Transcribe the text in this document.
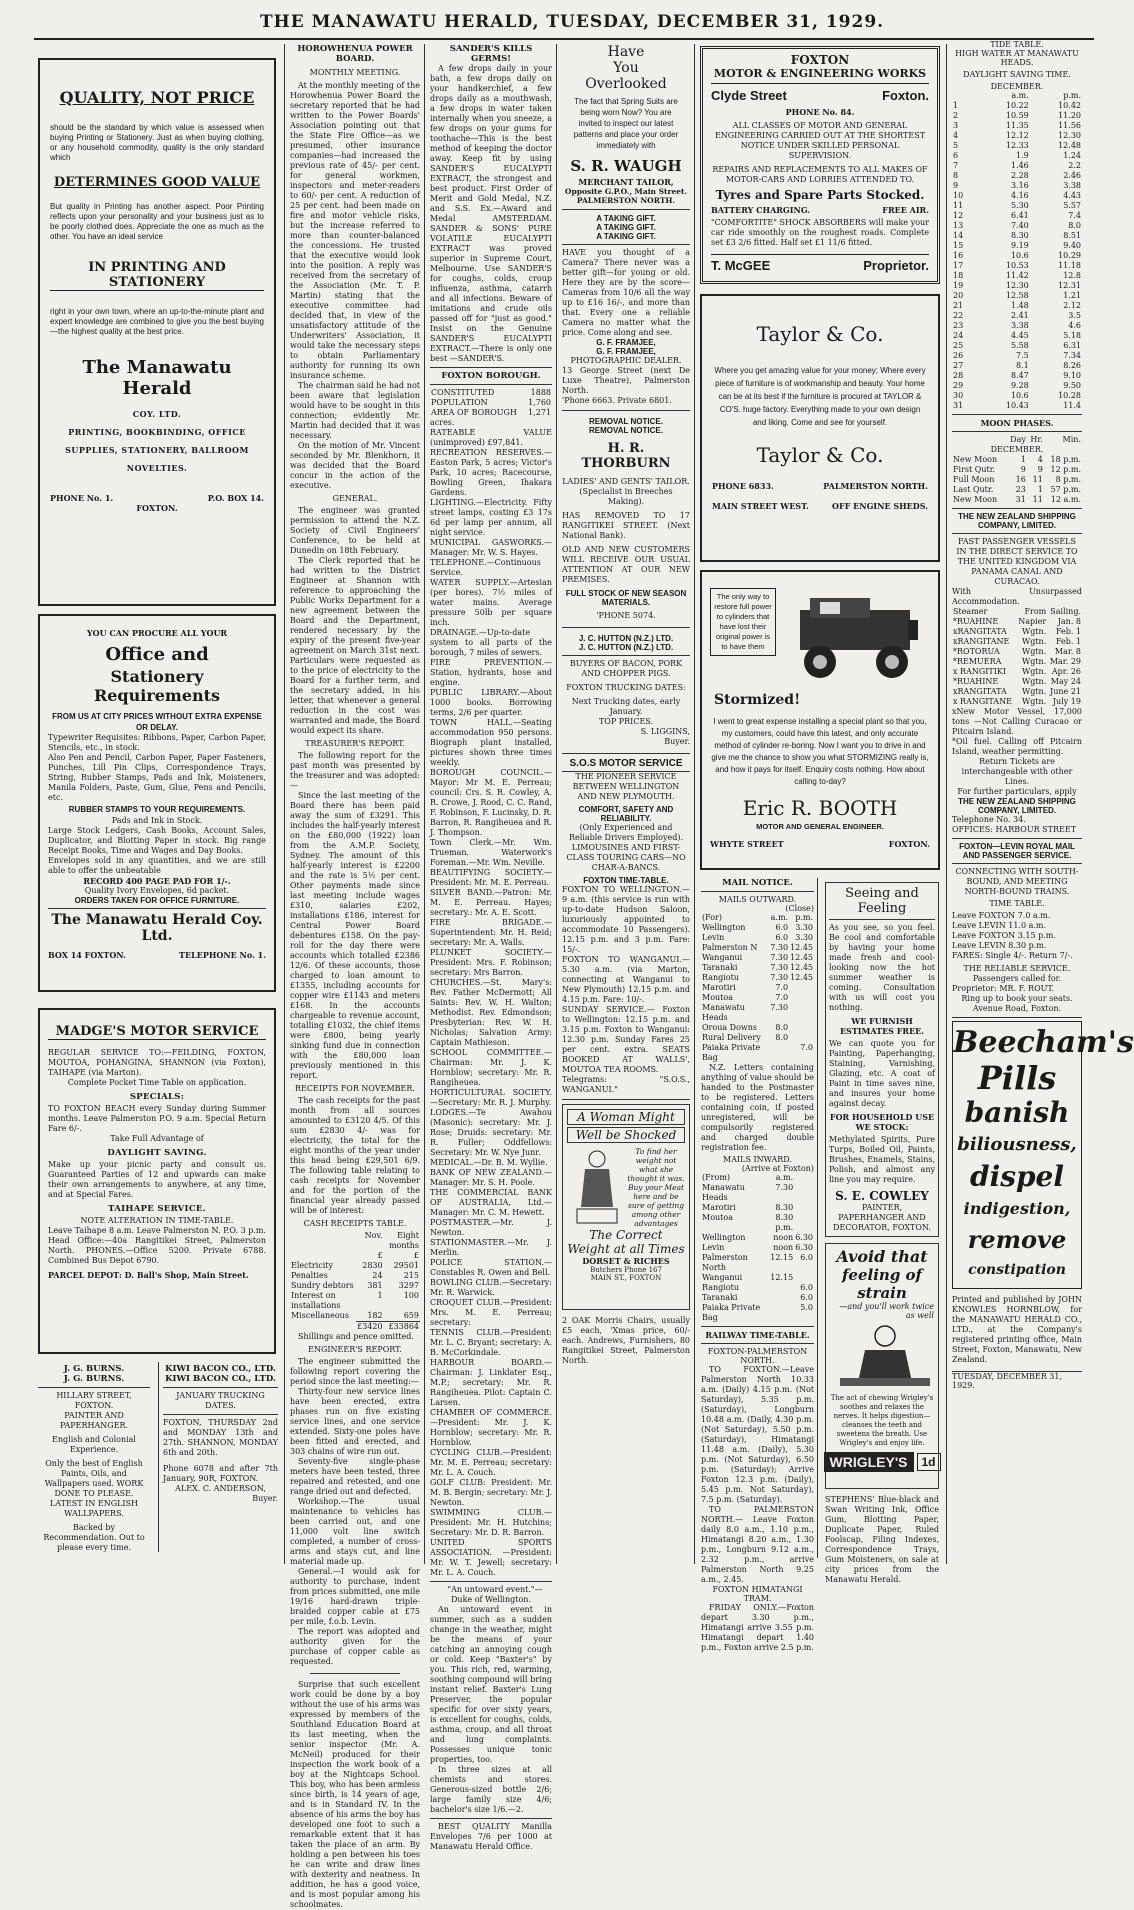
THE MANAWATU HERALD, TUESDAY, DECEMBER 31, 1929.
QUALITY, NOT PRICE

should be the standard by which value is assessed when buying Printing or Stationery. Just as when buying clothing, or any household commodity, quality is the only standard which

DETERMINES GOOD VALUE

But quality in Printing has another aspect. Poor Printing reflects upon your personality and your business just as to be poorly clothed does. Appreciate the one as much as the other. You have an ideal service

IN PRINTING AND STATIONERY

right in your own town, where an up-to-the-minute plant and expert knowledge are combined to give you the best buying—the highest quality at the best price.

The Manawatu Herald
COY. LTD.
PRINTING, BOOKBINDING, OFFICE SUPPLIES, STATIONERY, BALLROOM NOVELTIES.
PHONE No. 1.	P.O. BOX 14.
FOXTON.
YOU CAN PROCURE ALL YOUR
Office and
Stationery Requirements
FROM US AT CITY PRICES WITHOUT EXTRA EXPENSE OR DELAY.

Typewriter Requisites: Ribbons, Paper, Carbon Paper, Stencils, etc., in stock.

Also Pen and Pencil, Carbon Paper, Paper Fasteners, Punches, Lill Pin Clips, Correspondence Trays, String, Rubber Stamps, Pads and Ink, Moisteners, Manila Folders, Paste, Gum, Glue, Pens and Pencils, etc.

RUBBER STAMPS TO YOUR REQUIREMENTS.

Pads and Ink in Stock.

Large Stock Ledgers, Cash Books, Account Sales, Duplicator, and Blotting Paper in stock. Big range Receipt Books, Time and Wages and Day Books.

Envelopes sold in any quantities, and we are still able to offer the unbeatable

RECORD 400 PAGE PAD FOR 1/-.

Quality Ivory Envelopes, 6d packet.

ORDERS TAKEN FOR OFFICE FURNITURE.
The Manawatu Herald Coy.
Ltd.
BOX 14 FOXTON.	TELEPHONE No. 1.
MADGE'S MOTOR SERVICE

REGULAR SERVICE TO:—FEILDING, FOXTON, MOUTOA, POHANGINA, SHANNON (via Foxton), TAIHAPE (via Marton).

Complete Pocket Time Table on application.

SPECIALS:

TO FOXTON BEACH every Sunday during Summer months. Leave Palmerston P.O. 9 a.m. Special Return Fare 6/-.

Take Full Advantage of

DAYLIGHT SAVING.

Make up your picnic party and consult us. Guaranteed Parties of 12 and upwards can make their own arrangements to anywhere, at any time, and at Special Fares.

TAIHAPE SERVICE.

NOTE ALTERATION IN TIME-TABLE.

Leave Taihape 8 a.m. Leave Palmerston N. P.O. 3 p.m.

Head Office:—40a Rangitikei Street, Palmerston North. PHONES.—Office 5200. Private 6788. Combined Bus Depot 6790.

PARCEL DEPOT: D. Ball's Shop, Main Street.
J. G. BURNS.
J. G. BURNS.

HILLARY STREET, FOXTON.

PAINTER AND PAPERHANGER.

English and Colonial Experience.

Only the best of English Paints, Oils, and Wallpapers used. WORK DONE TO PLEASE. LATEST IN ENGLISH WALLPAPERS.

Backed by Recommendation. Out to please every time.

KIWI BACON CO., LTD.
KIWI BACON CO., LTD.

JANUARY TRUCKING DATES.

FOXTON, THURSDAY 2nd and MONDAY 13th and 27th. SHANNON, MONDAY 6th and 20th.

Phone 6078 and after 7th January, 90R, FOXTON.

ALEX. C. ANDERSON,

Buyer.

HOROWHENUA POWER BOARD.
MONTHLY MEETING.

At the monthly meeting of the Horowhenua Power Board the secretary reported that he had written to the Power Boards' Association pointing out that the State Fire Office—as we presumed, other insurance companies—had increased the previous rate of 45/- per cent. for general workmen, inspectors and meter-readers to 60/- per cent. A reduction of 25 per cent. had been made on fire and motor vehicle risks, but the increase referred to more than counter-balanced the concessions. He trusted that the executive would look into the position. A reply was received from the secretary of the Association (Mr. T. P. Martin) stating that the executive committee had decided that, in view of the unsatisfactory attitude of the Underwriters' Association, it would take the necessary steps to obtain Parliamentary authority for running its own insurance scheme.

The chairman said he had not been aware that legislation would have to be sought in this connection; evidently Mr. Martin had decided that it was necessary.

On the motion of Mr. Vincent seconded by Mr. Blenkhorn, it was decided that the Board concur in the action of the executive.

GENERAL.

The engineer was granted permission to attend the N.Z. Society of Civil Engineers' Conference, to be held at Dunedin on 18th February.

The Clerk reported that he had written to the District Engineer at Shannon with reference to approaching the Public Works Department for a new agreement between the Board and the Department, rendered necessary by the expiry of the present five-year agreement on March 31st next. Particulars were requested as to the price of electricity to the Board for a further term, and the secretary added, in his letter, that whenever a general reduction in the cost was warranted and made, the Board would expect its share.

TREASURER'S REPORT.

The following report for the past month was presented by the treasurer and was adopted:—

Since the last meeting of the Board there has been paid away the sum of £3291. This includes the half-yearly interest on the £80,000 (1922) loan from the A.M.P. Society, Sydney. The amount of this half-yearly interest is £2200 and the rate is 5½ per cent. Other payments made since last meeting include wages £310, salaries £202, installations £186, interest for Central Power Board debentures £158. On the pay-roll for the day there were accounts which totalled £2386 12/6. Of these accounts, those charged to loan amount to £1355, including accounts for copper wire £1143 and meters £168. In the accounts chargeable to revenue account, totalling £1032, the chief items were £800, being yearly sinking fund due in connection with the £80,000 loan previously mentioned in this report.

RECEIPTS FOR NOVEMBER.

The cash receipts for the past month from all sources amounted to £3120 4/5. Of this sum £2830 4/- was for electricity, the total for the eight months of the year under this head being £29,501 6/9. The following table relating to cash receipts for November and for the portion of the financial year already passed will be of interest:

CASH RECEIPTS TABLE.
	Nov.	Eight months
	£	£
Electricity	2830	29501
Penalties	24	215
Sundry debtors	381	3297
Interest on installations	1	100
Miscellaneous	182	659
	£3420	£33864

Shillings and pence omitted.

ENGINEER'S REPORT.

The engineer submitted the following report covering the period since the last meeting:—

Thirty-four new service lines have been erected, extra phases run on five existing service lines, and one service extended. Sixty-one poles have been fitted and erected, and 303 chains of wire run out.

Seventy-five single-phase meters have been tested, three repaired and retested, and one range dried out and defected.

Workshop.—The usual maintenance to vehicles has been carried out, and one 11,000 volt line switch completed, a number of cross-arms and stays cut, and line material made up.

General.—I would ask for authority to purchase, indent from prices submitted, one mile 19/16 hard-drawn triple-braided copper cable at £75 per mile, f.o.b. Levin.

The report was adopted and authority given for the purchase of copper cable as requested.

Surprise that such excellent work could be done by a boy without the use of his arms was expressed by members of the Southland Education Board at its last meeting, when the senior inspector (Mr. A. McNeil) produced for their inspection the work book of a boy at the Nightcaps School. This boy, who has been armless since birth, is 14 years of age, and is in Standard IV. In the absence of his arms the boy has developed one foot to such a remarkable extent that it has taken the place of an arm. By holding a pen between his toes he can write and draw lines with dexterity and neatness. In addition, he has a good voice, and is most popular among his schoolmates.

SANDER'S KILLS GERMS!

A few drops daily in your bath, a few drops daily on your handkerchief, a few drops daily as a mouthwash, a few drops in water taken internally when you sneeze, a few drops on your gums for toothache—This is the best method of keeping the doctor away. Keep fit by using SANDER'S EUCALYPTI EXTRACT, the strongest and best product. First Order of Merit and Gold Medal, N.Z. and S.S. Ex.—Award and Medal AMSTERDAM. SANDER & SONS' PURE VOLATILE EUCALYPTI EXTRACT was proved superior in Supreme Court, Melbourne. Use SANDER'S for coughs, colds, croup influenza, asthma, catarrh and all infections. Beware of imitations and crude oils passed off for "just as good." Insist on the Genuine SANDER'S EUCALYPTI EXTRACT.—There is only one best —SANDER'S.

FOXTON BOROUGH.
CONSTITUTED	1888
POPULATION	1,760
AREA OF BOROUGH	1,271

acres.

RATEABLE VALUE (unimproved) £97,841.

RECREATION RESERVES.—Easton Park, 5 acres; Victor's Park, 10 acres; Racecourse, Bowling Green, Ihakara Gardens.

LIGHTING.—Electricity. Fifty street lamps, costing £3 17s 6d per lamp per annum, all night service.

MUNICIPAL GASWORKS.—Manager: Mr. W. S. Hayes.

TELEPHONE.—Continuous Service.

WATER SUPPLY.—Artesian (per bores). 7½ miles of water mains. Average pressure 50lb per square inch.

DRAINAGE.—Up-to-date system to all parts of the borough, 7 miles of sewers.

FIRE PREVENTION.—Station, hydrants, hose and engine.

PUBLIC LIBRARY.—About 1000 books. Borrowing terms, 2/6 per quarter.

TOWN HALL.—Seating accommodation 950 persons. Biograph plant installed, pictures shown three times weekly.

BOROUGH COUNCIL.—Mayor: Mr M. E. Perreau; council: Crs. S. R. Cowley, A. R. Crowe, J. Rood, C. C. Rand, F. Robinson, F. Lucinsky, D. R. Barron, R. Rangiheuea and R. J. Thompson.

Town Clerk.—Mr. Wm. Trueman. Waterwork's Foreman.—Mr. Wm. Neville.

BEAUTIFYING SOCIETY.—President: Mr. M. E. Perreau.

SILVER BAND.—Patron: Mr. M. E. Perreau. Hayes; secretary.: Mr. A. E. Scott.

FIRE BRIGADE.—Superintendent: Mr. H. Reid; secretary: Mr. A. Walls.

PLUNKET SOCIETY.—President: Mrs. F. Robinson; secretary: Mrs Barron.

CHURCHES.—St. Mary's: Rev. Father McDermott; All Saints: Rev. W. H. Walton; Methodist. Rev. Edmondson; Presbyterian: Rev. W. H. Nicholas; Salvation Army: Captain Mathieson.

SCHOOL COMMITTEE.—Chairman: Mr. J. K. Hornblow; secretary: Mr. R. Rangiheuea.

HORTICULTURAL SOCIETY.—Secretary: Mr. R. J. Murphy.

LODGES.—Te Awahou (Masonic): secretary: Mr. J. Rose; Druids: secretary: Mr. R. Fuller; Oddfellows: Secretary: Mr. W. Nye Junr.

MEDICAL.—Dr. B. M. Wyllie.

BANK OF NEW ZEALAND.—Manager: Mr. S. H. Poole.

THE COMMERCIAL BANK OF AUSTRALIA, Ltd.—Manager: Mr. C. M. Hewett.

POSTMASTER.—Mr. J. Newton.

STATIONMASTER.—Mr. J. Merlin.

POLICE STATION.—Constables R. Owen and Bell.

BOWLING CLUB.—Secretary: Mr. R. Warwick.

CROQUET CLUB.—President: Mrs. M. E. Perreau; secretary:

TENNIS CLUB.—President: Mr. L. C. Bryant; secretary: A. B. McCorkindale.

HARBOUR BOARD.—Chairman: J. Linklater Esq., M.P.; secretary: Mr. R. Rangiheuea. Pilot: Captain C. Larsen.

CHAMBER OF COMMERCE.—President: Mr. J. K. Hornblow; secretary: Mr. R. Hornblow.

CYCLING CLUB.—President: Mr. M. E. Perreau; secretary: Mr. L. A. Couch.

GOLF CLUB: President: Mr. M. B. Bergin; secretary: Mr. J. Newton.

SWIMMING CLUB.—President: Mr. H. Hutchins; Secretary: Mr. D. R. Barron.

UNITED SPORTS ASSOCIATION. —President: Mr. W. T. Jewell; secretary: Mr. L. A. Couch.

"An untoward event."—Duke of Wellington.

An untoward event in summer, such as a sudden change in the weather, might be the means of your catching an annoying cough or cold. Keep "Baxter's" by you. This rich, red, warming, soothing compound will bring instant relief. Baxter's Lung Preserver, the popular specific for over sixty years, is excellent for coughs, colds, asthma, croup, and all throat and lung complaints. Possesses unique tonic properties, too.

In three sizes at all chemists and stores. Generous-sized bottle 2/6; large family size 4/6; bachelor's size 1/6.—2.

BEST QUALITY Manilla Envelopes 7/6 per 1000 at Manawatu Herald Office.

Have
You
Overlooked

The fact that Spring Suits are being worn Now? You are invited to inspect our latest patterns and place your order immediately with

S. R. WAUGH
MERCHANT TAILOR,
Opposite G.P.O., Main Street. PALMERSTON NORTH.
A TAKING GIFT.
A TAKING GIFT.
A TAKING GIFT.

HAVE you thought of a Camera? There never was a better gift—for young or old. Here they are by the score—Cameras from 10/6 all the way up to £16 16/-, and more than that. Every one a reliable Camera no matter what the price. Come along and see.

G. F. FRAMJEE,
G. F. FRAMJEE,

PHOTOGRAPHIC DEALER.

13 George Street (next De Luxe Theatre), Palmerston North.

'Phone 6663. Private 6801.

REMOVAL NOTICE.
REMOVAL NOTICE.
H. R. THORBURN

LADIES' AND GENTS' TAILOR. (Specialist in Breeches Making).

HAS REMOVED TO 17 RANGITIKEI STREET. (Next National Bank).

OLD AND NEW CUSTOMERS WILL RECEIVE OUR USUAL ATTENTION AT OUR NEW PREMISES.

FULL STOCK OF NEW SEASON MATERIALS.

'PHONE 5074.

J. C. HUTTON (N.Z.) LTD.
J. C. HUTTON (N.Z.) LTD.

BUYERS OF BACON, PORK AND CHOPPER PIGS.

FOXTON TRUCKING DATES:

Next Trucking dates, early January.

TOP PRICES.

S. LIGGINS,

Buyer.

S.O.S MOTOR SERVICE

THE PIONEER SERVICE BETWEEN WELLINGTON AND NEW PLYMOUTH.

COMFORT, SAFETY AND RELIABILITY.

(Only Experienced and Reliable Drivers Employed).

LIMOUSINES AND FIRST-CLASS TOURING CARS—NO CHAR-A-BANCS.

FOXTON TIME-TABLE.

FOXTON TO WELLINGTON.— 9 a.m. (this service is run with up-to-date Hudson Saloon, luxuriously appointed to accommodate 10 Passengers). 12.15 p.m. and 3 p.m. Fare: 15/-.

FOXTON TO WANGANUI.— 5.30 a.m. (via Marton, connecting at Wanganui to New Plymouth) 12.15 p.m. and 4.15 p.m. Fare: 10/-.

SUNDAY SERVICE.— Foxton to Wellington: 12.15 p.m. and 3.15 p.m. Foxton to Wanganui: 12.30 p.m. Sunday Fares 25 per cent. extra. SEATS BOOKED AT WALLS', MOUTOA TEA ROOMS.

Telegrams: "S.O.S., WANGANUI."

A Woman Might
Well be Shocked

To find her weight not what she thought it was. Buy your Meat here and be sure of getting among other advantages

The Correct
Weight at all Times
DORSET & RICHES
Butchers Phone 167
MAIN ST., FOXTON

2 OAK Morris Chairs, usually £5 each, 'Xmas price, 60/- each. Andrews, Furnishers, 80 Rangitikei Street, Palmerston North.

FOXTON
MOTOR & ENGINEERING WORKS
Clyde Street	Foxton.
PHONE No. 84.

ALL CLASSES OF MOTOR AND GENERAL ENGINEERING CARRIED OUT AT THE SHORTEST NOTICE UNDER SKILLED PERSONAL SUPERVISION.

REPAIRS AND REPLACEMENTS TO ALL MAKES OF MOTOR-CARS AND LORRIES ATTENDED TO.

Tyres and Spare Parts Stocked.
BATTERY CHARGING.	FREE AIR.

"COMFORTITE" SHOCK ABSORBERS will make your car ride smoothly on the roughest roads. Complete set £3 2/6 fitted. Half set £1 11/6 fitted.

T. McGEE	Proprietor.
Taylor & Co.

Where you get amazing value for your money; Where every piece of furniture is of workmanship and beauty. Your home can be at its best if the furniture is procured at TAYLOR & CO'S. huge factory. Everything made to your own design and liking. Come and see for yourself.

Taylor & Co.
PHONE 6833.	PALMERSTON NORTH.
MAIN STREET WEST.	OFF ENGINE SHEDS.

The only way to restore full power to cylinders that have lost their original power is to have them

Stormized!

I went to great expense installing a special plant so that you, my customers, could have this latest, and only accurate method of cylinder re-boring. Now I want you to drive in and give me the chance to show you what STORMIZING really is, and how it pays for itself. Enquiry costs nothing. How about calling to-day?

Eric R. BOOTH
MOTOR AND GENERAL ENGINEER.
WHYTE STREET	FOXTON.
MAIL NOTICE.
MAILS OUTWARD.
(Close)
(For)	a.m.	p.m.
Wellington	6.0	3.30
Levin	6.0	3.30
Palmerston N	7.30	12.45
Wanganui	7.30	12.45
Taranaki	7.30	12.45
Rangiotu	7.30	12.45
Marotiri	7.0	
Moutoa	7.0	
Manawatu Heads	7.30	
Oroua Downs	8.0	
Rural Delivery	8.0	
Paiaka Private Bag		7.0

N.Z. Letters containing anything of value should be handed to the Postmaster to be registered. Letters containing coin, if posted unregistered, will be compulsorily registered and charged double registration fee.

MAILS INWARD.
(Arrive at Foxton)
(From)	a.m.	
Manawatu Heads	7.30	
Marotiri	8.30	
Moutoa	8.30	
	p.m.	
Wellington	noon	6.30
Levin	noon	6.30
Palmerston North	12.15	6.0
Wanganui	12.15	
Rangiotu		6.0
Taranaki		6.0
Paiaka Private Bag		5.0
RAILWAY TIME-TABLE.
FOXTON-PALMERSTON NORTH.

TO FOXTON.—Leave Palmerston North 10.33 a.m. (Daily) 4.15 p.m. (Not Saturday), 5.35 p.m. (Saturday), Longburn 10.48 a.m. (Daily, 4.30 p.m. (Not Saturday), 5.50 p.m. (Saturday), Himatangi 11.48 a.m. (Daily), 5.30 p.m. (Not Saturday), 6.50 p.m. (Saturday); Arrive Foxton 12.3 p.m. (Daily), 5.45 p.m. Not Saturday), 7.5 p.m. (Saturday).

TO PALMERSTON NORTH.— Leave Foxton daily 8.0 a.m., 1.10 p.m., Himatangi 8.20 a.m., 1.30 p.m., Longburn 9.12 a.m., 2.32 p.m., arrive Palmerston North 9.25 a.m., 2.45.

FOXTON HIMATANGI TRAM.

FRIDAY ONLY.—Foxton depart 3.30 p.m., Himatangi arrive 3.55 p.m. Himatangi depart 1.40 p.m., Foxton arrive 2.5 p.m.

Seeing and Feeling

As you see, so you feel. Be cool and comfortable by having your home made fresh and cool-looking now the hot summer weather is coming. Consultation with us will cost you nothing.

WE FURNISH ESTIMATES FREE.

We can quote you for Painting, Paperhanging, Staining, Varnishing, Glazing, etc. A coat of Paint in time saves nine, and insures your home against decay.

FOR HOUSEHOLD USE WE STOCK:

Methylated Spirits, Pure Turps, Boiled Oil, Paints, Brushes, Enamels, Stains, Polish, and almost any line you may require.

S. E. COWLEY

PAINTER, PAPERHANGER AND DECORATOR, FOXTON.

Avoid that
feeling of strain
—and you'll work twice as well

The act of chewing Wrigley's soothes and relaxes the nerves. It helps digestion—cleanses the teeth and sweetens the breath. Use Wrigley's and enjoy life.

WRIGLEY'S	1d

STEPHENS' Blue-black and Swan Writing Ink, Office Gum, Blotting Paper, Duplicate Paper, Ruled Foolscap, Filing Indexes, Correspondence Trays, Gum Moisteners, on sale at city prices from the Manawatu Herald.

TIDE TABLE.
HIGH WATER AT MANAWATU HEADS.
DAYLIGHT SAVING TIME.
DECEMBER.
	a.m.	p.m.
1	10.22	10.42
2	10.59	11.20
3	11.35	11.56
4	12.12	12.30
5	12.33	12.48
6	1.9	1.24
7	1.46	2.2
8	2.28	2.46
9	3.16	3.38
10	4.16	4.43
11	5.30	5.57
12	6.41	7.4
13	7.40	8.0
14	8.30	8.51
15	9.19	9.40
16	10.6	10.29
17	10.53	11.18
18	11.42	12.8
19	12.30	12.31
20	12.58	1.21
21	1.48	2.12
22	2.41	3.5
23	3.38	4.6
24	4.45	5.18
25	5.58	6.31
26	7.5	7.34
27	8.1	8.26
28	8.47	9.10
29	9.28	9.50
30	10.6	10.28
31	10.43	11.4
MOON PHASES.
	Day	Hr.	Min.
DECEMBER.			
New Moon	1	4	18 p.m.
First Qutr.	9	9	12 p.m.
Full Moon	16	11	8 p.m.
Last Qutr.	23	1	57 p.m.
New Moon	31	11	12 a.m.
THE NEW ZEALAND SHIPPING COMPANY, LIMITED.

FAST PASSENGER VESSELS IN THE DIRECT SERVICE TO THE UNITED KINGDOM VIA PANAMA CANAL AND CURACAO.

With Unsurpassed Accommodation.

Steamer	From	Sailing.
*RUAHINE	Napier	Jan. 8
xRANGITATA	Wgtn.	Feb. 1
xRANGITANE	Wgtn.	Feb. 1
*ROTORUA	Wgtn.	Mar. 8
*REMUERA	Wgtn.	Mar. 29
x RANGITIKI	Wgtn.	Apr. 26
*RUAHINE	Wgtn.	May 24
xRANGITATA	Wgtn.	June 21
x RANGITANE	Wgtn.	July 19

xNew Motor Vessel, 17,000 tons —Not Calling Curacao or Pitcairn Island.

*Oil fuel. Calling off Pitcairn Island, weather permitting.

Return Tickets are interchangeable with other Lines.

For further particulars, apply

THE NEW ZEALAND SHIPPING COMPANY, LIMITED.

Telephone No. 34.

OFFICES: HARBOUR STREET

FOXTON—LEVIN ROYAL MAIL AND PASSENGER SERVICE.

CONNECTING WITH SOUTH-BOUND, AND MEETING NORTH-BOUND TRAINS.

TIME TABLE.

Leave FOXTON 7.0 a.m.

Leave LEVIN 11.0 a.m.

Leave FOXTON 3.15 p.m.

Leave LEVIN 8.30 p.m.

FARES: Single 4/-. Return 7/-.

THE RELIABLE SERVICE. Passengers called for.

Proprietor: MR. F. ROUT.

Ring up to book your seats. Avenue Road, Foxton.

Beecham's
Pills
banish
biliousness,
dispel
indigestion,
remove
constipation

Printed and published by JOHN KNOWLES HORNBLOW, for the MANAWATU HERALD CO., LTD., at the Company's registered printing office, Main Street, Foxton, Manawatu, New Zealand.

TUESDAY, DECEMBER 31, 1929.
